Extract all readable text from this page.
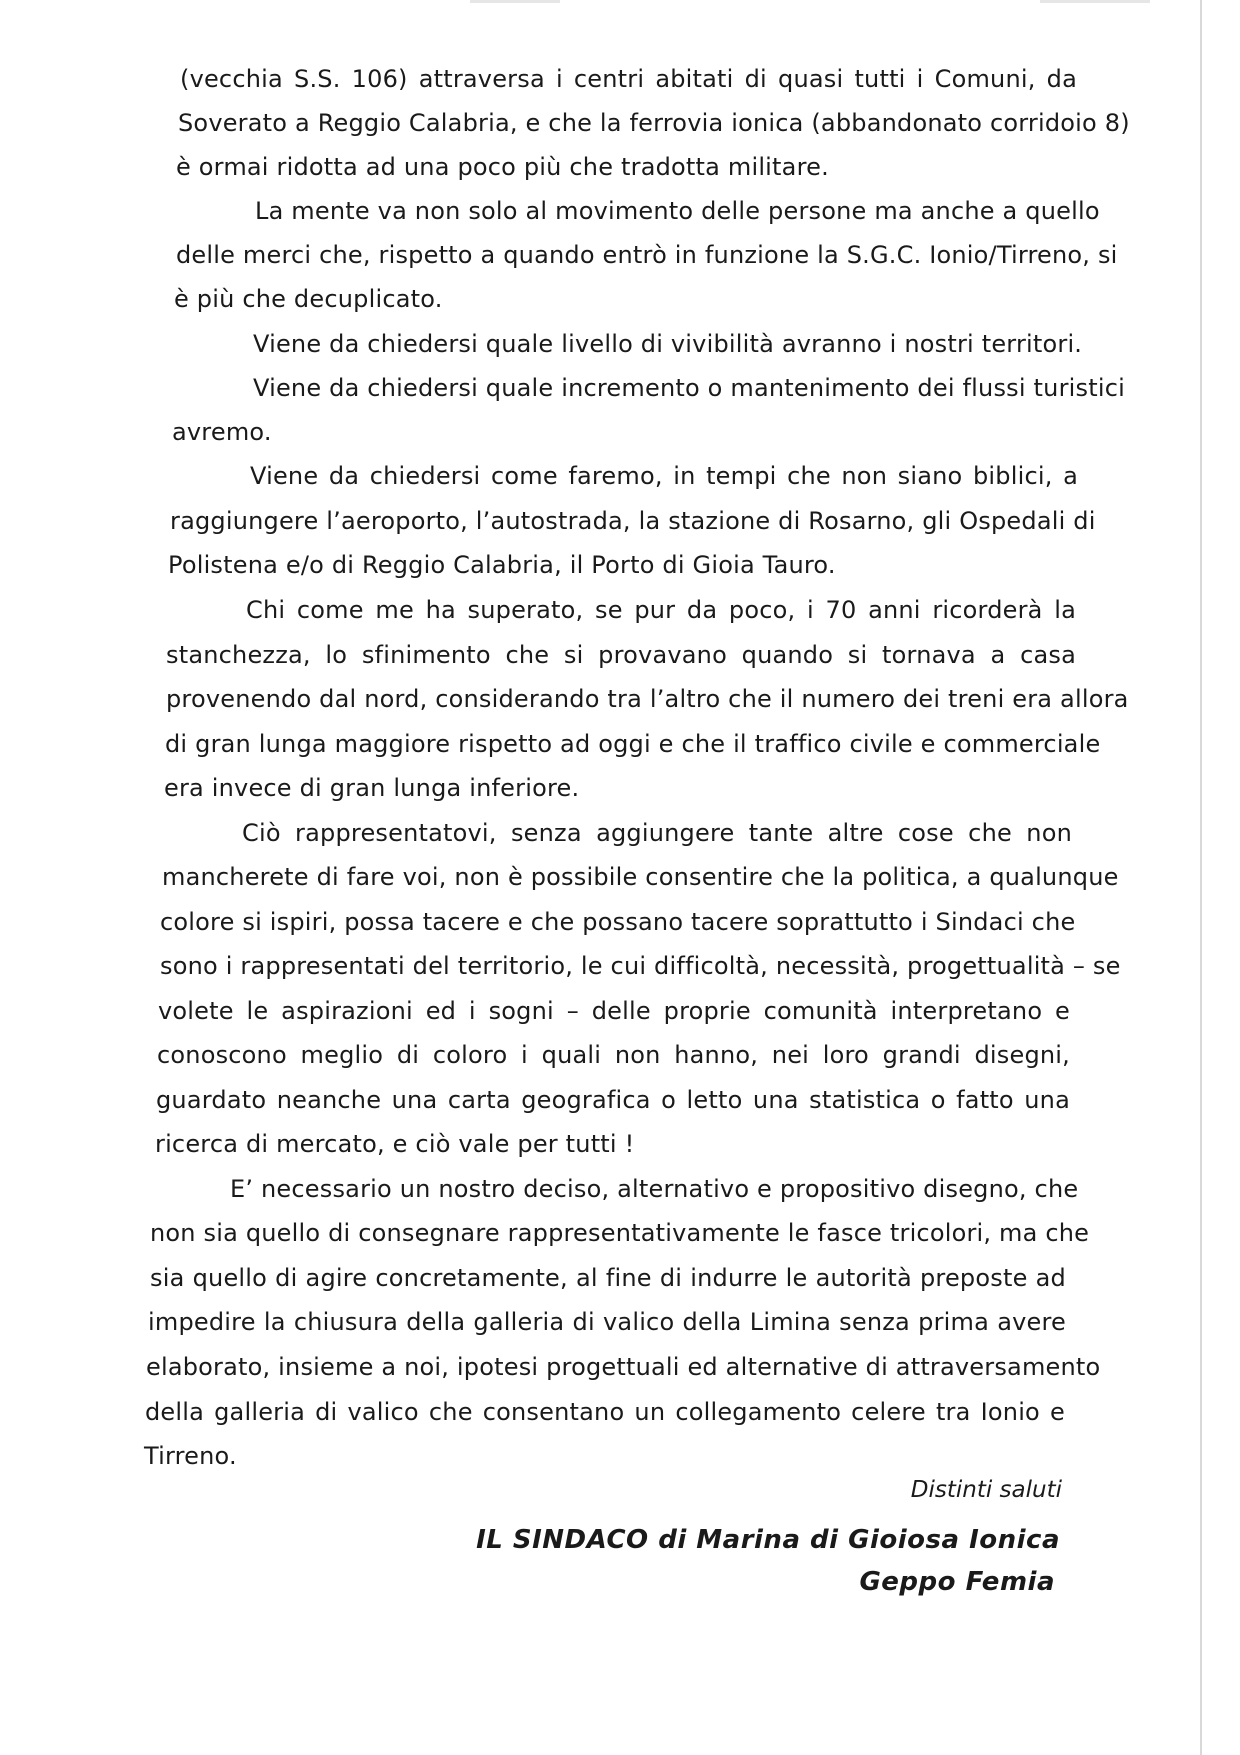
(vecchia S.S. 106) attraversa i centri abitati di quasi tutti i Comuni, da
Soverato a Reggio Calabria, e che la ferrovia ionica (abbandonato corridoio 8)
è ormai ridotta ad una poco più che tradotta militare.
La mente va non solo al movimento delle persone ma anche a quello
delle merci che, rispetto a quando entrò in funzione la S.G.C. Ionio/Tirreno, si
è più che decuplicato.
Viene da chiedersi quale livello di vivibilità avranno i nostri territori.
Viene da chiedersi quale incremento o mantenimento dei flussi turistici
avremo.
Viene da chiedersi come faremo, in tempi che non siano biblici, a
raggiungere l’aeroporto, l’autostrada, la stazione di Rosarno, gli Ospedali di
Polistena e/o di Reggio Calabria, il Porto di Gioia Tauro.
Chi come me ha superato, se pur da poco, i 70 anni ricorderà la
stanchezza, lo sfinimento che si provavano quando si tornava a casa
provenendo dal nord, considerando tra l’altro che il numero dei treni era allora
di gran lunga maggiore rispetto ad oggi e che il traffico civile e commerciale
era invece di gran lunga inferiore.
Ciò rappresentatovi, senza aggiungere tante altre cose che non
mancherete di fare voi, non è possibile consentire che la politica, a qualunque
colore si ispiri, possa tacere e che possano tacere soprattutto i Sindaci che
sono i rappresentati del territorio, le cui difficoltà, necessità, progettualità – se
volete le aspirazioni ed i sogni – delle proprie comunità interpretano e
conoscono meglio di coloro i quali non hanno, nei loro grandi disegni,
guardato neanche una carta geografica o letto una statistica o fatto una
ricerca di mercato, e ciò vale per tutti !
E’ necessario un nostro deciso, alternativo e propositivo disegno, che
non sia quello di consegnare rappresentativamente le fasce tricolori, ma che
sia quello di agire concretamente, al fine di indurre le autorità preposte ad
impedire la chiusura della galleria di valico della Limina senza prima avere
elaborato, insieme a noi, ipotesi progettuali ed alternative di attraversamento
della galleria di valico che consentano un collegamento celere tra Ionio e
Tirreno.
Distinti saluti
IL SINDACO di Marina di Gioiosa Ionica
Geppo Femia
